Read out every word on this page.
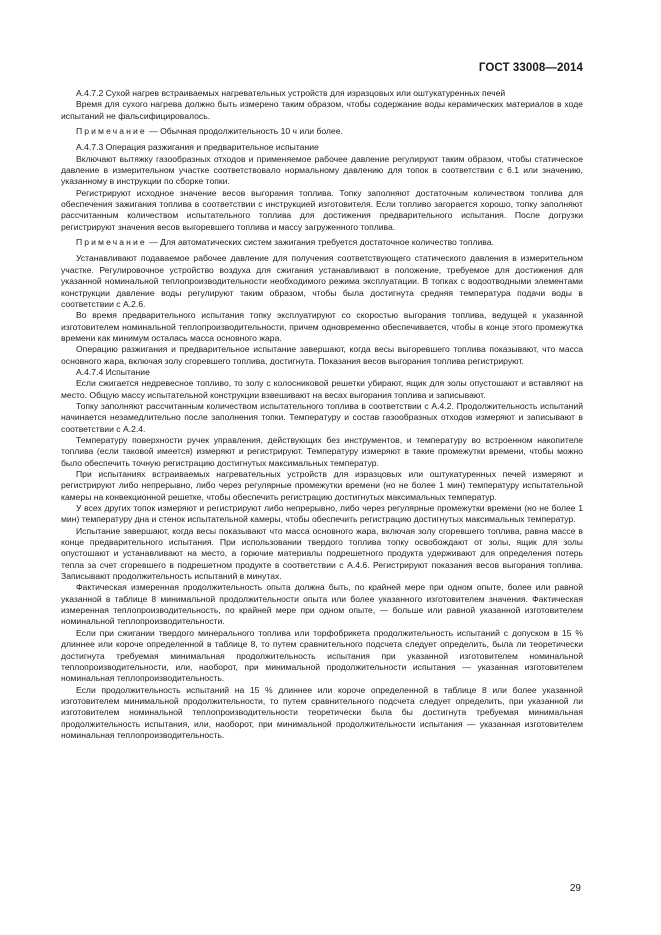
ГОСТ 33008—2014

A.4.7.2 Сухой нагрев встраиваемых нагревательных устройств для изразцовых или оштукатуренных печей

Время для сухого нагрева должно быть измерено таким образом, чтобы содержание воды керамических материалов в ходе испытаний не фальсифицировалось.

Примечание — Обычная продолжительность 10 ч или более.

A.4.7.3 Операция разжигания и предварительное испытание

Включают вытяжку газообразных отходов и применяемое рабочее давление регулируют таким образом, чтобы статическое давление в измерительном участке соответствовало нормальному давлению для топок в соответствии с 6.1 или значению, указанному в инструкции по сборке топки.

Регистрируют исходное значение весов выгорания топлива. Топку заполняют достаточным количеством топлива для обеспечения зажигания топлива в соответствии с инструкцией изготовителя. Если топливо загорается хорошо, топку заполняют рассчитанным количеством испытательного топлива для достижения предварительного испытания. После догрузки регистрируют значения весов выгоревшего топлива и массу загруженного топлива.

Примечание — Для автоматических систем зажигания требуется достаточное количество топлива.

Устанавливают подаваемое рабочее давление для получения соответствующего статического давления в измерительном участке. Регулировочное устройство воздуха для сжигания устанавливают в положение, требуемое для достижения для указанной номинальной теплопроизводительности необходимого режима эксплуатации. В топках с водоотводными элементами конструкции давление воды регулируют таким образом, чтобы была достигнута средняя температура подачи воды в соответствии с A.2.6.

Во время предварительного испытания топку эксплуатируют со скоростью выгорания топлива, ведущей к указанной изготовителем номинальной теплопроизводительности, причем одновременно обеспечивается, чтобы в конце этого промежутка времени как минимум осталась масса основного жара.

Операцию разжигания и предварительное испытание завершают, когда весы выгоревшего топлива показывают, что масса основного жара, включая золу сгоревшего топлива, достигнута. Показания весов выгорания топлива регистрируют.

A.4.7.4 Испытание

Если сжигается недревесное топливо, то золу с колосниковой решетки убирают, ящик для золы опустошают и вставляют на место. Общую массу испытательной конструкции взвешивают на весах выгорания топлива и записывают.

Топку заполняют рассчитанным количеством испытательного топлива в соответствии с A.4.2. Продолжительность испытаний начинается незамедлительно после заполнения топки. Температуру и состав газообразных отходов измеряют и записывают в соответствии с A.2.4.

Температуру поверхности ручек управления, действующих без инструментов, и температуру во встроенном накопителе топлива (если таковой имеется) измеряют и регистрируют. Температуру измеряют в такие промежутки времени, чтобы можно было обеспечить точную регистрацию достигнутых максимальных температур.

При испытаниях встраиваемых нагревательных устройств для изразцовых или оштукатуренных печей измеряют и регистрируют либо непрерывно, либо через регулярные промежутки времени (но не более 1 мин) температуру испытательной камеры на конвекционной решетке, чтобы обеспечить регистрацию достигнутых максимальных температур.

У всех других топок измеряют и регистрируют либо непрерывно, либо через регулярные промежутки времени (но не более 1 мин) температуру дна и стенок испытательной камеры, чтобы обеспечить регистрацию достигнутых максимальных температур.

Испытание завершают, когда весы показывают что масса основного жара, включая золу сгоревшего топлива, равна массе в конце предварительного испытания. При использовании твердого топлива топку освобождают от золы, ящик для золы опустошают и устанавливают на место, а горючие материалы подрешетного продукта удерживают для определения потерь тепла за счет сгоревшего в подрешетном продукте в соответствии с A.4.6. Регистрируют показания весов выгорания топлива. Записывают продолжительность испытаний в минутах.

Фактическая измеренная продолжительность опыта должна быть, по крайней мере при одном опыте, более или равной указанной в таблице 8 минимальной продолжительности опыта или более указанного изготовителем значения. Фактическая измеренная теплопроизводительность, по крайней мере при одном опыте, — больше или равной указанной изготовителем номинальной теплопроизводительности.

Если при сжигании твердого минерального топлива или торфобрикета продолжительность испытаний с допуском в 15 % длиннее или короче определенной в таблице 8, то путем сравнительного подсчета следует определить, была ли теоретически достигнута требуемая минимальная продолжительность испытания при указанной изготовителем номинальной теплопроизводительности, или, наоборот, при минимальной продолжительности испытания — указанная изготовителем номинальная теплопроизводительность.

Если продолжительность испытаний на 15 % длиннее или короче определенной в таблице 8 или более указанной изготовителем минимальной продолжительности, то путем сравнительного подсчета следует определить, при указанной ли изготовителем номинальной теплопроизводительности теоретически была бы достигнута требуемая минимальная продолжительность испытания, или, наоборот, при минимальной продолжительности испытания — указанная изготовителем номинальная теплопроизводительность.

29
